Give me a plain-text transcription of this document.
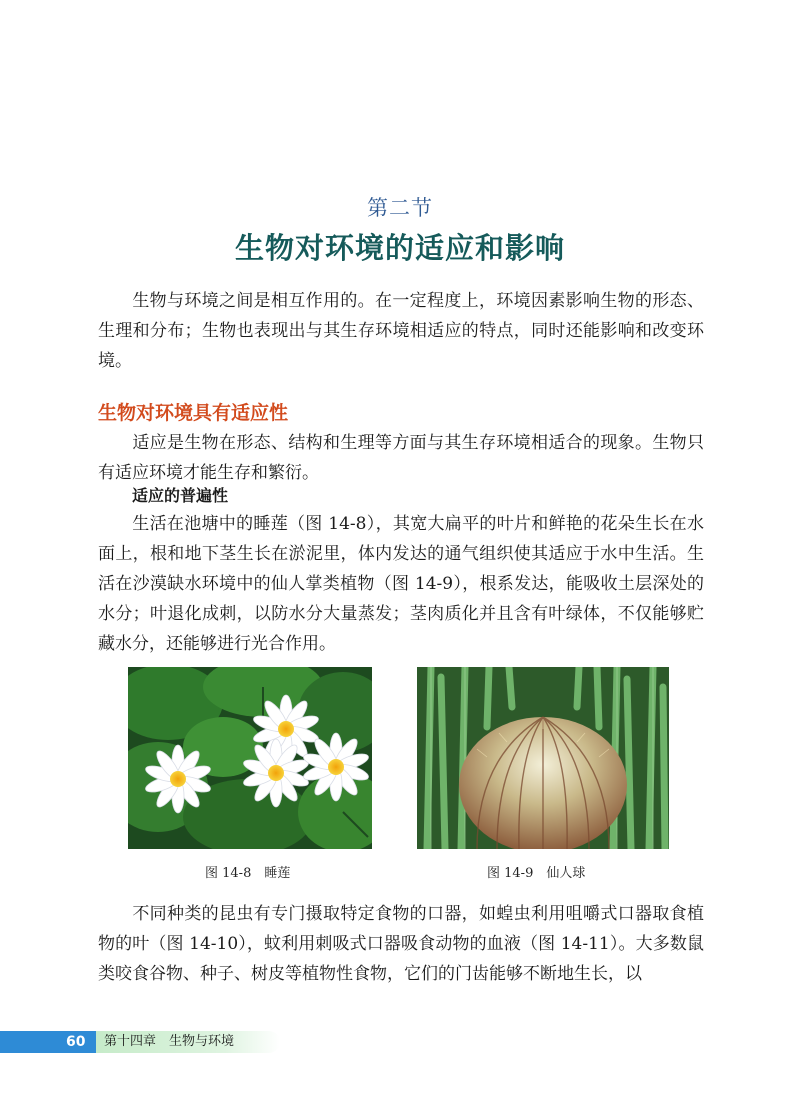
第二节
生物对环境的适应和影响

生物与环境之间是相互作用的。在一定程度上，环境因素影响生物的形态、生理和分布；生物也表现出与其生存环境相适应的特点，同时还能影响和改变环境。

生物对环境具有适应性

适应是生物在形态、结构和生理等方面与其生存环境相适合的现象。生物只有适应环境才能生存和繁衍。

适应的普遍性

生活在池塘中的睡莲（图 14-8），其宽大扁平的叶片和鲜艳的花朵生长在水面上，根和地下茎生长在淤泥里，体内发达的通气组织使其适应于水中生活。生活在沙漠缺水环境中的仙人掌类植物（图 14-9），根系发达，能吸收土层深处的水分；叶退化成刺，以防水分大量蒸发；茎肉质化并且含有叶绿体，不仅能够贮藏水分，还能够进行光合作用。

图 14-8　睡莲	图 14-9　仙人球

不同种类的昆虫有专门摄取特定食物的口器，如蝗虫利用咀嚼式口器取食植物的叶（图 14-10），蚊利用刺吸式口器吸食动物的血液（图 14-11）。大多数鼠类咬食谷物、种子、树皮等植物性食物，它们的门齿能够不断地生长，以

60 第十四章　生物与环境
